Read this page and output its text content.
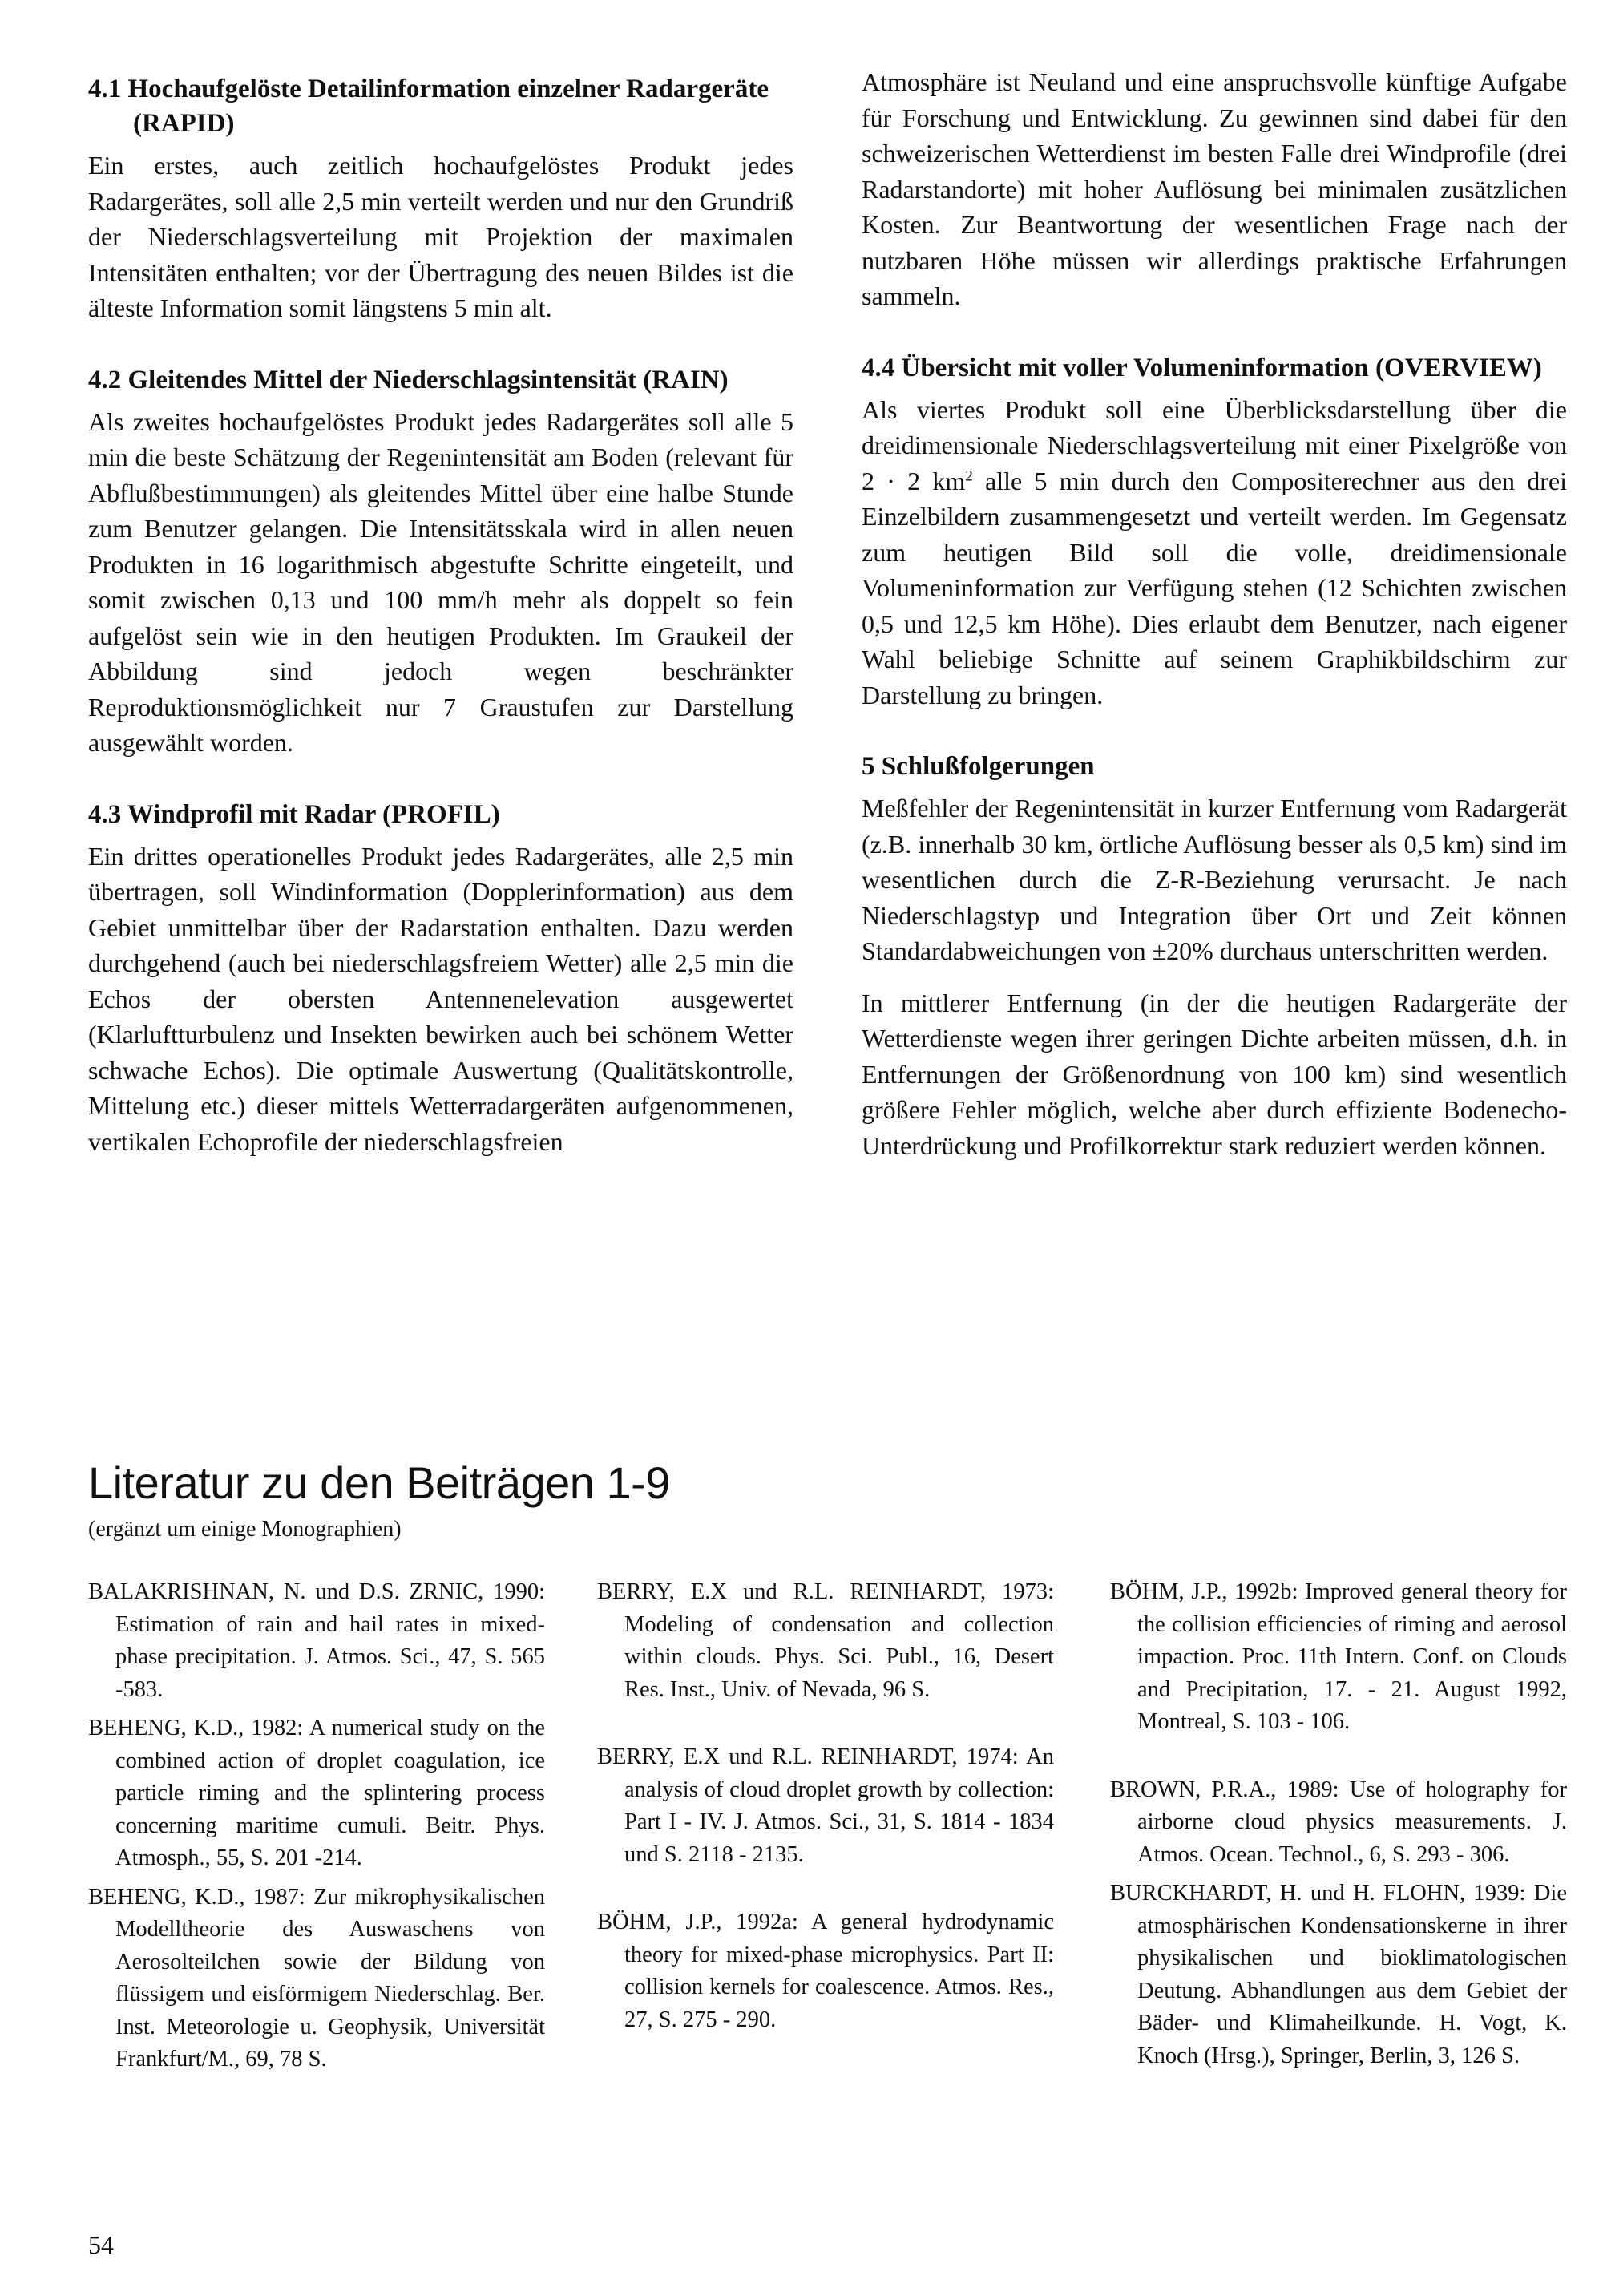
4.1 Hochaufgelöste Detailinformation einzelner Radargeräte (RAPID)

Ein erstes, auch zeitlich hochaufgelöstes Produkt jedes Radargerätes, soll alle 2,5 min verteilt werden und nur den Grundriß der Niederschlagsverteilung mit Projektion der maximalen Intensitäten enthalten; vor der Übertragung des neuen Bildes ist die älteste Information somit längstens 5 min alt.

4.2 Gleitendes Mittel der Niederschlagsintensität (RAIN)

Als zweites hochaufgelöstes Produkt jedes Radargerätes soll alle 5 min die beste Schätzung der Regenintensität am Boden (relevant für Abflußbestimmungen) als gleitendes Mittel über eine halbe Stunde zum Benutzer gelangen. Die Intensitätsskala wird in allen neuen Produkten in 16 logarithmisch abgestufte Schritte eingeteilt, und somit zwischen 0,13 und 100 mm/h mehr als doppelt so fein aufgelöst sein wie in den heutigen Produkten. Im Graukeil der Abbildung sind jedoch wegen beschränkter Reproduktionsmöglichkeit nur 7 Graustufen zur Darstellung ausgewählt worden.

4.3 Windprofil mit Radar (PROFIL)

Ein drittes operationelles Produkt jedes Radargerätes, alle 2,5 min übertragen, soll Windinformation (Dopplerinformation) aus dem Gebiet unmittelbar über der Radarstation enthalten. Dazu werden durchgehend (auch bei niederschlagsfreiem Wetter) alle 2,5 min die Echos der obersten Antennenelevation ausgewertet (Klarluftturbulenz und Insekten bewirken auch bei schönem Wetter schwache Echos). Die optimale Auswertung (Qualitätskontrolle, Mittelung etc.) dieser mittels Wetterradargeräten aufgenommenen, vertikalen Echoprofile der niederschlagsfreien

Atmosphäre ist Neuland und eine anspruchsvolle künftige Aufgabe für Forschung und Entwicklung. Zu gewinnen sind dabei für den schweizerischen Wetterdienst im besten Falle drei Windprofile (drei Radarstandorte) mit hoher Auflösung bei minimalen zusätzlichen Kosten. Zur Beantwortung der wesentlichen Frage nach der nutzbaren Höhe müssen wir allerdings praktische Erfahrungen sammeln.

4.4 Übersicht mit voller Volumeninformation (OVERVIEW)

Als viertes Produkt soll eine Überblicksdarstellung über die dreidimensionale Niederschlagsverteilung mit einer Pixelgröße von 2 · 2 $km^2$ alle 5 min durch den Compositerechner aus den drei Einzelbildern zusammengesetzt und verteilt werden. Im Gegensatz zum heutigen Bild soll die volle, dreidimensionale Volumeninformation zur Verfügung stehen (12 Schichten zwischen 0,5 und 12,5 km Höhe). Dies erlaubt dem Benutzer, nach eigener Wahl beliebige Schnitte auf seinem Graphikbildschirm zur Darstellung zu bringen.

5 Schlußfolgerungen

Meßfehler der Regenintensität in kurzer Entfernung vom Radargerät (z.B. innerhalb 30 km, örtliche Auflösung besser als 0,5 km) sind im wesentlichen durch die Z-R-Beziehung verursacht. Je nach Niederschlagstyp und Integration über Ort und Zeit können Standardabweichungen von ±20% durchaus unterschritten werden.

In mittlerer Entfernung (in der die heutigen Radargeräte der Wetterdienste wegen ihrer geringen Dichte arbeiten müssen, d.h. in Entfernungen der Größenordnung von 100 km) sind wesentlich größere Fehler möglich, welche aber durch effiziente Bodenecho-Unterdrückung und Profilkorrektur stark reduziert werden können.

Literatur zu den Beiträgen 1-9

(ergänzt um einige Monographien)

BALAKRISHNAN, N. und D.S. ZRNIC, 1990: Estimation of rain and hail rates in mixed-phase precipitation. J. Atmos. Sci., 47, S. 565 -583.

BEHENG, K.D., 1982: A numerical study on the combined action of droplet coagulation, ice particle riming and the splintering process concerning maritime cumuli. Beitr. Phys. Atmosph., 55, S. 201 -214.

BEHENG, K.D., 1987: Zur mikrophysikalischen Modelltheorie des Auswaschens von Aerosolteilchen sowie der Bildung von flüssigem und eisförmigem Niederschlag. Ber. Inst. Meteorologie u. Geophysik, Universität Frankfurt/M., 69, 78 S.

BERRY, E.X und R.L. REINHARDT, 1973: Modeling of condensation and collection within clouds. Phys. Sci. Publ., 16, Desert Res. Inst., Univ. of Nevada, 96 S.

BERRY, E.X und R.L. REINHARDT, 1974: An analysis of cloud droplet growth by collection: Part I - IV. J. Atmos. Sci., 31, S. 1814 - 1834 und S. 2118 - 2135.

BÖHM, J.P., 1992a: A general hydrodynamic theory for mixed-phase microphysics. Part II: collision kernels for coalescence. Atmos. Res., 27, S. 275 - 290.

BÖHM, J.P., 1992b: Improved general theory for the collision efficiencies of riming and aerosol impaction. Proc. 11th Intern. Conf. on Clouds and Precipitation, 17. - 21. August 1992, Montreal, S. 103 - 106.

BROWN, P.R.A., 1989: Use of holography for airborne cloud physics measurements. J. Atmos. Ocean. Technol., 6, S. 293 - 306.

BURCKHARDT, H. und H. FLOHN, 1939: Die atmosphärischen Kondensationskerne in ihrer physikalischen und bioklimatologischen Deutung. Abhandlungen aus dem Gebiet der Bäder- und Klimaheilkunde. H. Vogt, K. Knoch (Hrsg.), Springer, Berlin, 3, 126 S.

54
